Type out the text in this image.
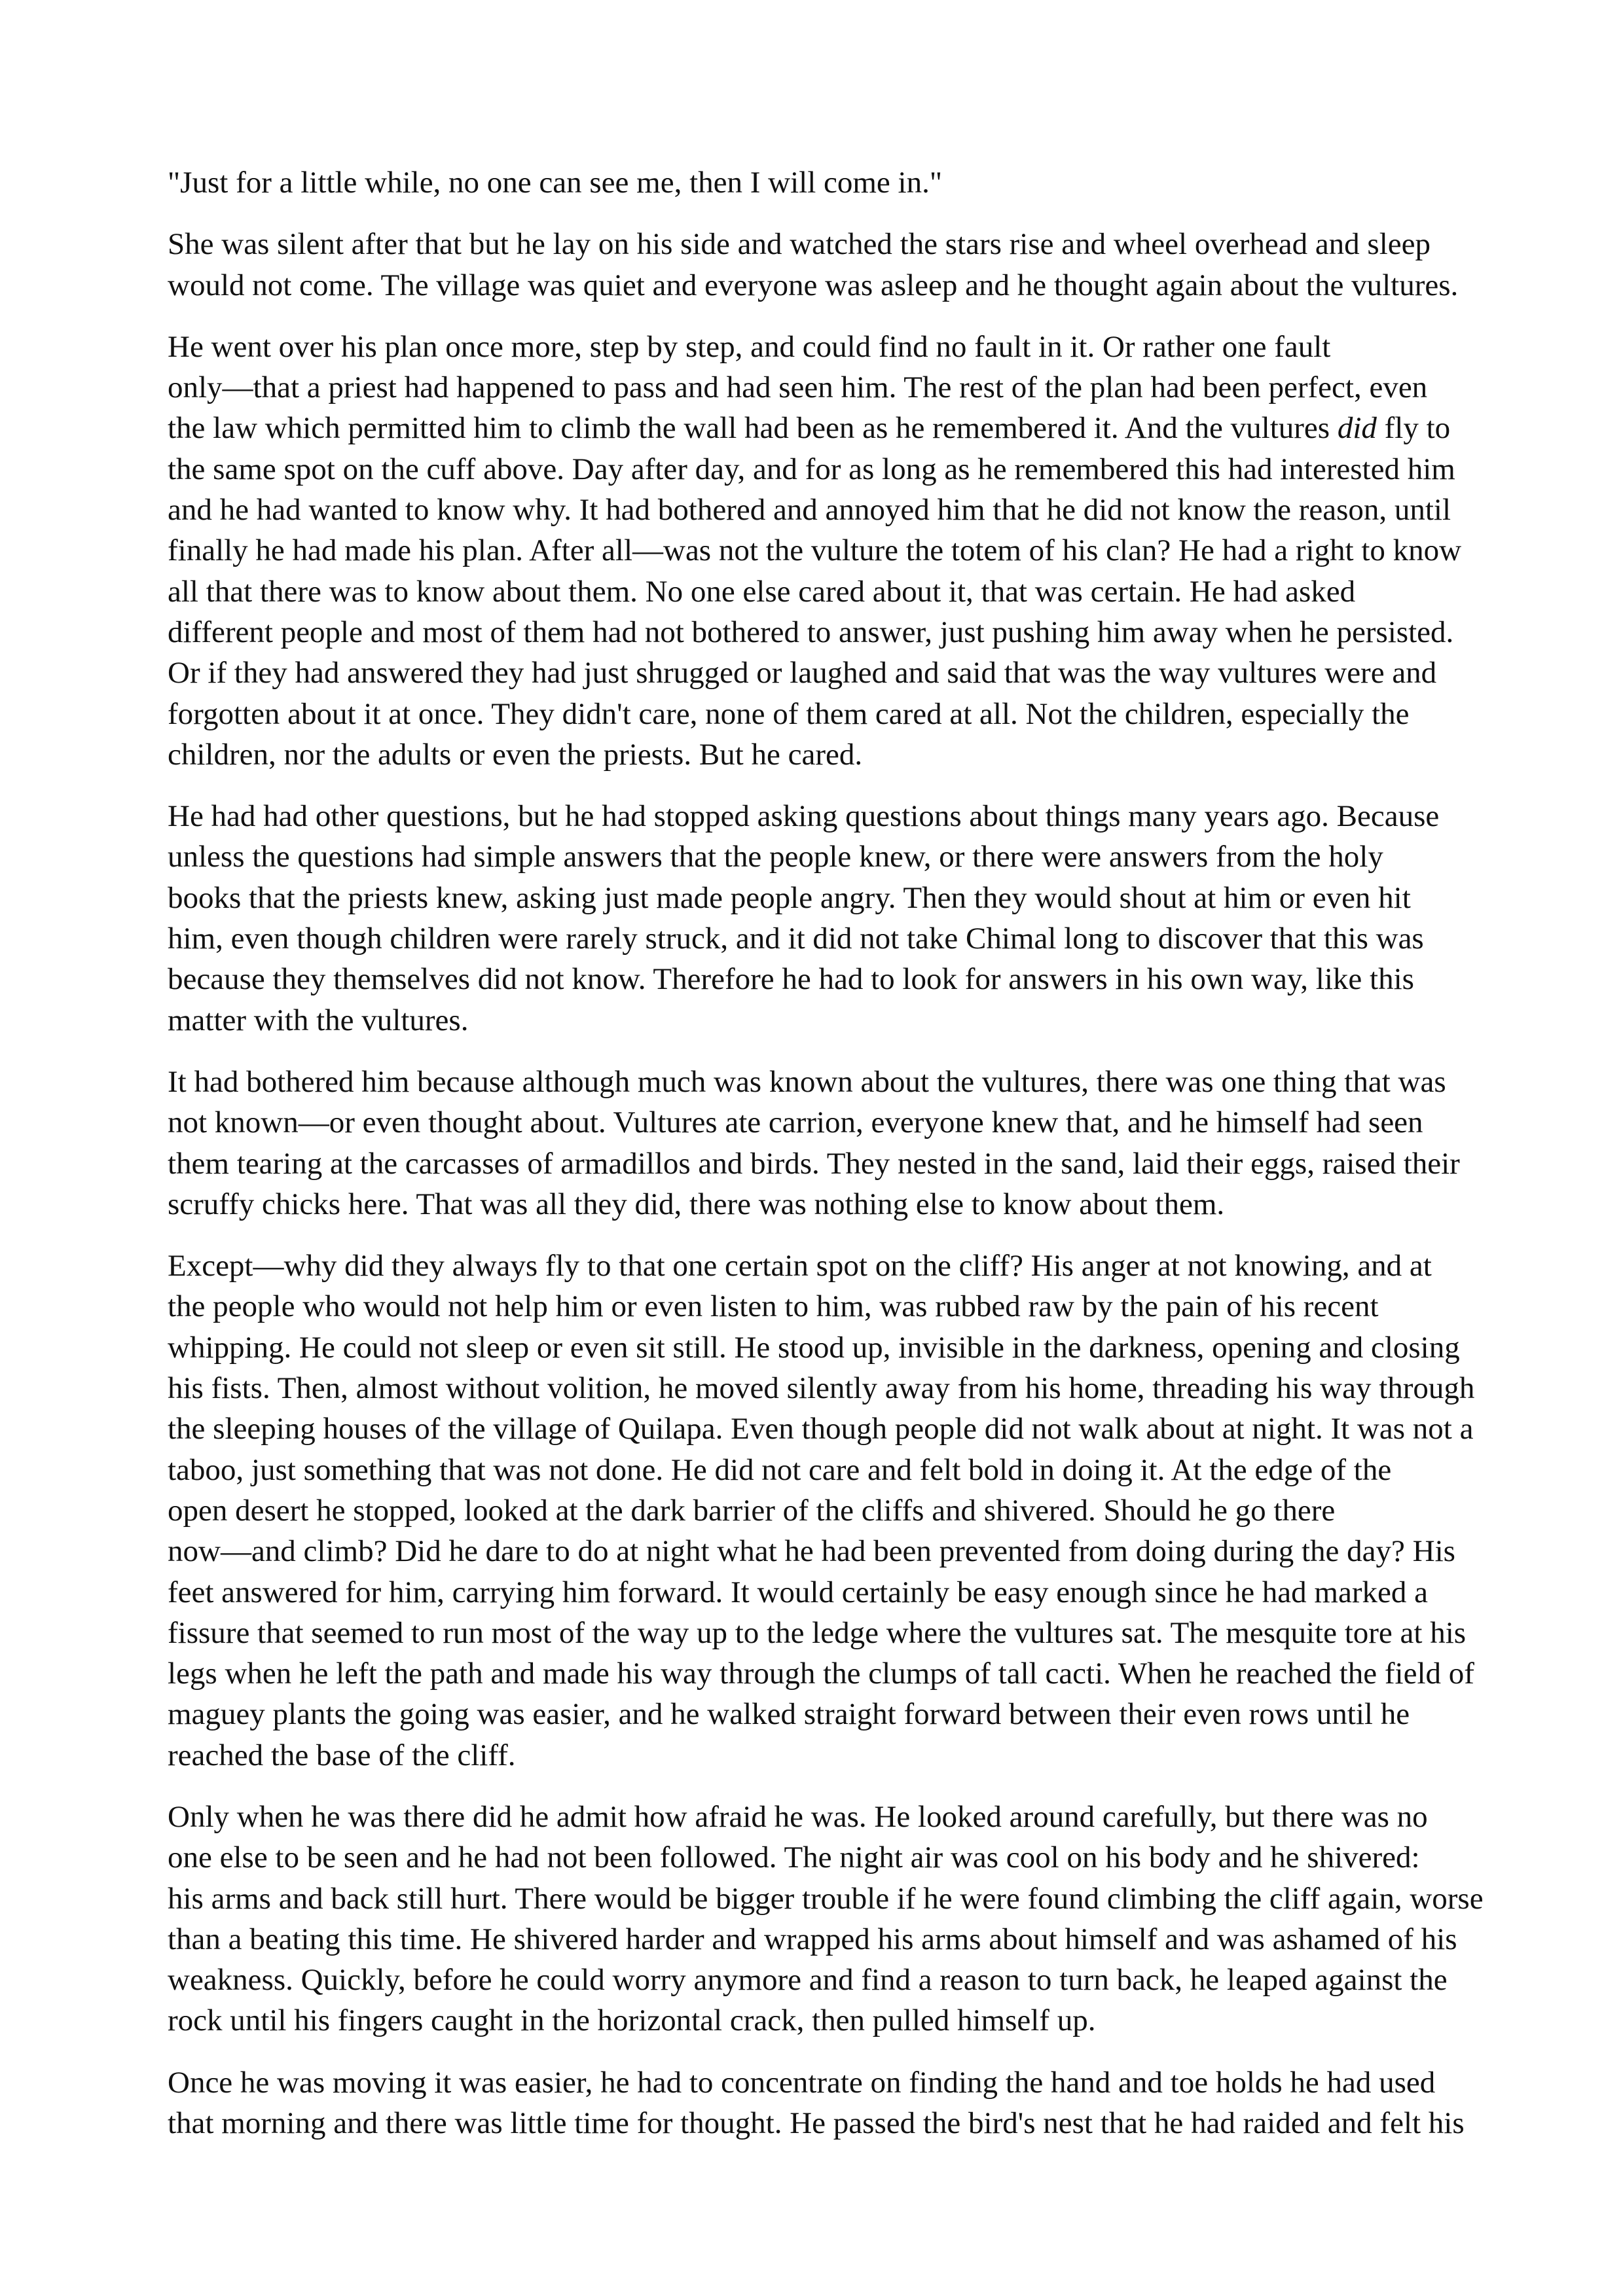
"Just for a little while, no one can see me, then I will come in."

She was silent after that but he lay on his side and watched the stars rise and wheel overhead and sleep
would not come. The village was quiet and everyone was asleep and he thought again about the vultures.

He went over his plan once more, step by step, and could find no fault in it. Or rather one fault
only—that a priest had happened to pass and had seen him. The rest of the plan had been perfect, even
the law which permitted him to climb the wall had been as he remembered it. And the vultures did fly to
the same spot on the cuff above. Day after day, and for as long as he remembered this had interested him
and he had wanted to know why. It had bothered and annoyed him that he did not know the reason, until
finally he had made his plan. After all—was not the vulture the totem of his clan? He had a right to know
all that there was to know about them. No one else cared about it, that was certain. He had asked
different people and most of them had not bothered to answer, just pushing him away when he persisted.
Or if they had answered they had just shrugged or laughed and said that was the way vultures were and
forgotten about it at once. They didn't care, none of them cared at all. Not the children, especially the
children, nor the adults or even the priests. But he cared.

He had had other questions, but he had stopped asking questions about things many years ago. Because
unless the questions had simple answers that the people knew, or there were answers from the holy
books that the priests knew, asking just made people angry. Then they would shout at him or even hit
him, even though children were rarely struck, and it did not take Chimal long to discover that this was
because they themselves did not know. Therefore he had to look for answers in his own way, like this
matter with the vultures.

It had bothered him because although much was known about the vultures, there was one thing that was
not known—or even thought about. Vultures ate carrion, everyone knew that, and he himself had seen
them tearing at the carcasses of armadillos and birds. They nested in the sand, laid their eggs, raised their
scruffy chicks here. That was all they did, there was nothing else to know about them.

Except—why did they always fly to that one certain spot on the cliff? His anger at not knowing, and at
the people who would not help him or even listen to him, was rubbed raw by the pain of his recent
whipping. He could not sleep or even sit still. He stood up, invisible in the darkness, opening and closing
his fists. Then, almost without volition, he moved silently away from his home, threading his way through
the sleeping houses of the village of Quilapa. Even though people did not walk about at night. It was not a
taboo, just something that was not done. He did not care and felt bold in doing it. At the edge of the
open desert he stopped, looked at the dark barrier of the cliffs and shivered. Should he go there
now—and climb? Did he dare to do at night what he had been prevented from doing during the day? His
feet answered for him, carrying him forward. It would certainly be easy enough since he had marked a
fissure that seemed to run most of the way up to the ledge where the vultures sat. The mesquite tore at his
legs when he left the path and made his way through the clumps of tall cacti. When he reached the field of
maguey plants the going was easier, and he walked straight forward between their even rows until he
reached the base of the cliff.

Only when he was there did he admit how afraid he was. He looked around carefully, but there was no
one else to be seen and he had not been followed. The night air was cool on his body and he shivered:
his arms and back still hurt. There would be bigger trouble if he were found climbing the cliff again, worse
than a beating this time. He shivered harder and wrapped his arms about himself and was ashamed of his
weakness. Quickly, before he could worry anymore and find a reason to turn back, he leaped against the
rock until his fingers caught in the horizontal crack, then pulled himself up.

Once he was moving it was easier, he had to concentrate on finding the hand and toe holds he had used
that morning and there was little time for thought. He passed the bird's nest that he had raided and felt his
